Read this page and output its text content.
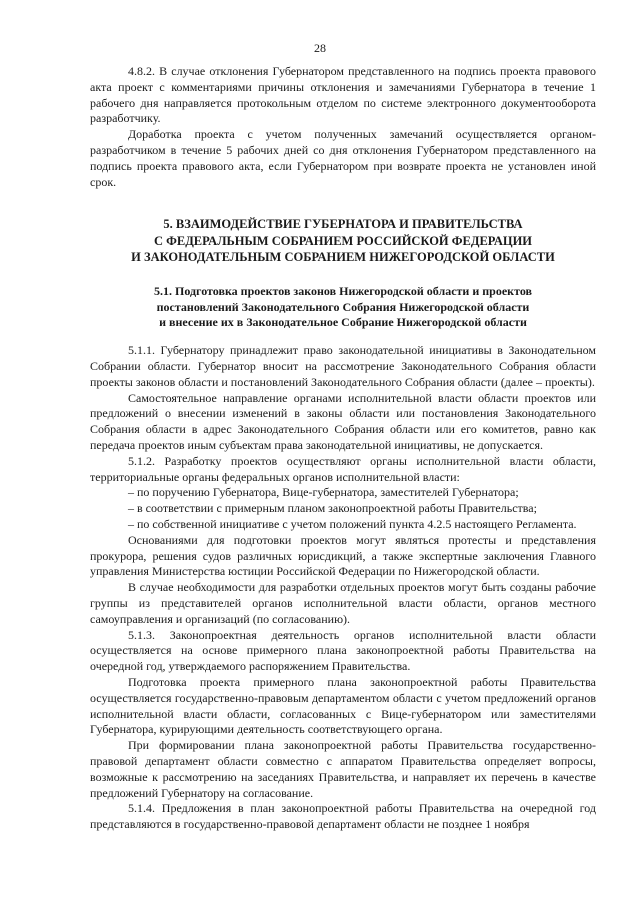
28

4.8.2. В случае отклонения Губернатором представленного на подпись проекта правового акта проект с комментариями причины отклонения и замечаниями Губернатора в течение 1 рабочего дня направляется протокольным отделом по системе электронного документооборота разработчику.

Доработка проекта с учетом полученных замечаний осуществляется органом-разработчиком в течение 5 рабочих дней со дня отклонения Губернатором представленного на подпись проекта правового акта, если Губернатором при возврате проекта не установлен иной срок.

5. ВЗАИМОДЕЙСТВИЕ ГУБЕРНАТОРА И ПРАВИТЕЛЬСТВА
С ФЕДЕРАЛЬНЫМ СОБРАНИЕМ РОССИЙСКОЙ ФЕДЕРАЦИИ
И ЗАКОНОДАТЕЛЬНЫМ СОБРАНИЕМ НИЖЕГОРОДСКОЙ ОБЛАСТИ
5.1. Подготовка проектов законов Нижегородской области и проектов
постановлений Законодательного Собрания Нижегородской области
и внесение их в Законодательное Собрание Нижегородской области

5.1.1. Губернатору принадлежит право законодательной инициативы в Законодательном Собрании области. Губернатор вносит на рассмотрение Законодательного Собрания области проекты законов области и постановлений Законодательного Собрания области (далее – проекты).

Самостоятельное направление органами исполнительной власти области проектов или предложений о внесении изменений в законы области или постановления Законодательного Собрания области в адрес Законодательного Собрания области или его комитетов, равно как передача проектов иным субъектам права законодательной инициативы, не допускается.

5.1.2. Разработку проектов осуществляют органы исполнительной власти области, территориальные органы федеральных органов исполнительной власти:

– по поручению Губернатора, Вице-губернатора, заместителей Губернатора;

– в соответствии с примерным планом законопроектной работы Правительства;

– по собственной инициативе с учетом положений пункта 4.2.5 настоящего Регламента.

Основаниями для подготовки проектов могут являться протесты и представления прокурора, решения судов различных юрисдикций, а также экспертные заключения Главного управления Министерства юстиции Российской Федерации по Нижегородской области.

В случае необходимости для разработки отдельных проектов могут быть созданы рабочие группы из представителей органов исполнительной власти области, органов местного самоуправления и организаций (по согласованию).

5.1.3. Законопроектная деятельность органов исполнительной власти области осуществляется на основе примерного плана законопроектной работы Правительства на очередной год, утверждаемого распоряжением Правительства.

Подготовка проекта примерного плана законопроектной работы Правительства осуществляется государственно-правовым департаментом области с учетом предложений органов исполнительной власти области, согласованных с Вице-губернатором или заместителями Губернатора, курирующими деятельность соответствующего органа.

При формировании плана законопроектной работы Правительства государственно-правовой департамент области совместно с аппаратом Правительства определяет вопросы, возможные к рассмотрению на заседаниях Правительства, и направляет их перечень в качестве предложений Губернатору на согласование.

5.1.4. Предложения в план законопроектной работы Правительства на очередной год представляются в государственно-правовой департамент области не позднее 1 ноября
